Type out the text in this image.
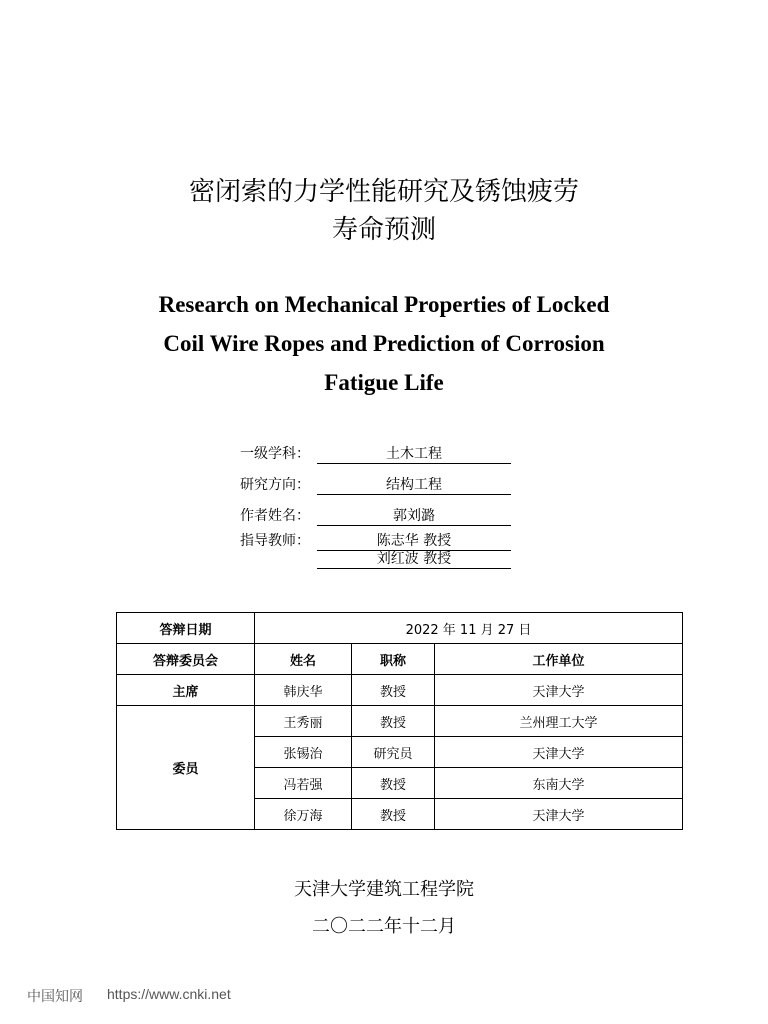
密闭索的力学性能研究及锈蚀疲劳
寿命预测
Research on Mechanical Properties of Locked
Coil Wire Ropes and Prediction of Corrosion
Fatigue Life
一级学科：	土木工程
研究方向：	结构工程
作者姓名：	郭刘潞
指导教师：	陈志华 教授
刘红波 教授
答辩日期	2022 年 11 月 27 日		
答辩委员会	姓名	职称	工作单位
主席	韩庆华	教授	天津大学
委员	王秀丽	教授	兰州理工大学
	张锡治	研究员	天津大学
	冯若强	教授	东南大学
	徐万海	教授	天津大学
天津大学建筑工程学院
二〇二二年十二月
中国知网 https://www.cnki.net
